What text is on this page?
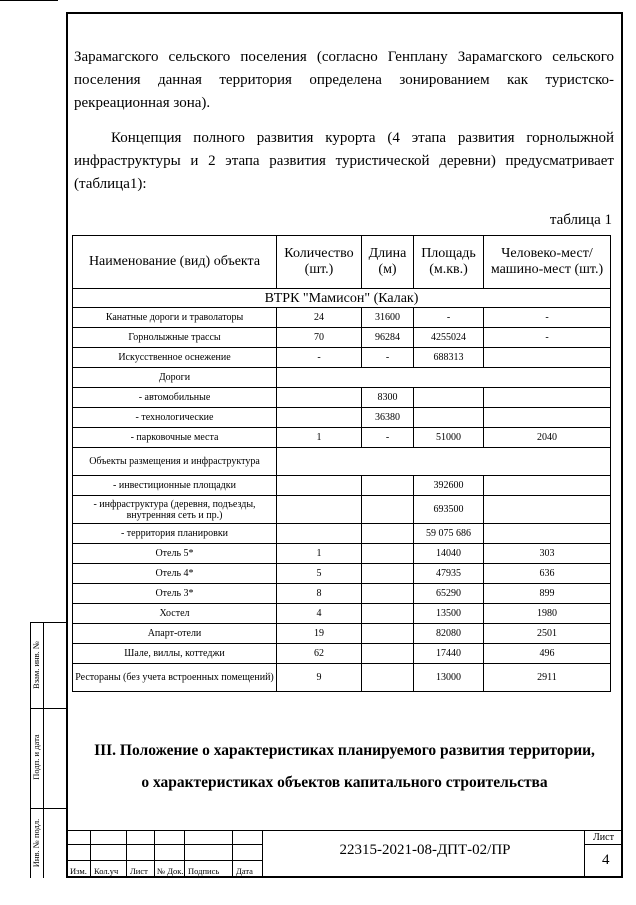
Зарамагского сельского поселения (согласно Генплану Зарамагского сельского поселения данная территория определена зонированием как туристско-рекреационная зона).

Концепция полного развития курорта (4 этапа развития горнолыжной инфраструктуры и 2 этапа развития туристической деревни) предусматривает (таблица1):

таблица 1
Наименование (вид) объекта	Количество (шт.)	Длина (м)	Площадь (м.кв.)	Человеко-мест/машино-мест (шт.)
ВТРК "Мамисон" (Калак)				
Канатные дороги и траволаторы	24	31600	-	-
Горнолыжные трассы	70	96284	4255024	-
Искусственное оснежение	-	-	688313	
Дороги				
- автомобильные		8300		
- технологические		36380		
- парковочные места	1	-	51000	2040
Объекты размещения и инфраструктура				
- инвестиционные площадки			392600	
- инфраструктура (деревня, подъезды, внутренняя сеть и пр.)			693500	
- территория планировки			59 075 686	
Отель 5*	1		14040	303
Отель 4*	5		47935	636
Отель 3*	8		65290	899
Хостел	4		13500	1980
Апарт-отели	19		82080	2501
Шале, виллы, коттеджи	62		17440	496
Рестораны (без учета встроенных помещений)	9		13000	2911
III. Положение о характеристиках планируемого развития территории,
о характеристиках объектов капитального строительства
Взам. инв. №
Подп. и дата
Инв. № подл.
Изм. Кол.уч Лист № Док. Подпись Дата
22315-2021-08-ДПТ-02/ПР
Лист
4
